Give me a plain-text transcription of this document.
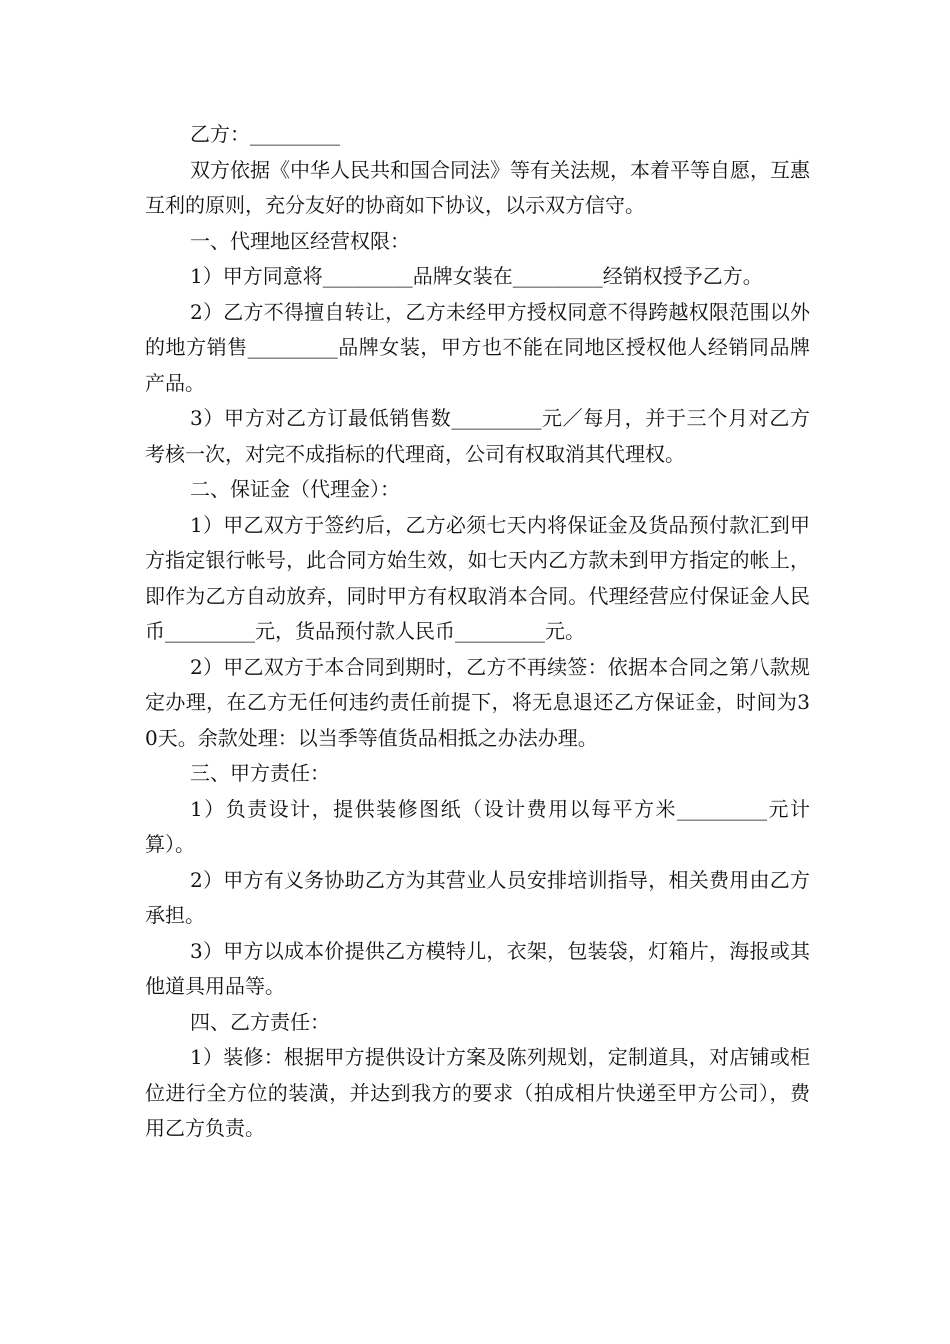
乙方：_________

双方依据《中华人民共和国合同法》等有关法规，本着平等自愿，互惠互利的原则，充分友好的协商如下协议，以示双方信守。

一、代理地区经营权限：

1）甲方同意将_________品牌女装在_________经销权授予乙方。

2）乙方不得擅自转让，乙方未经甲方授权同意不得跨越权限范围以外的地方销售_________品牌女装，甲方也不能在同地区授权他人经销同品牌产品。

3）甲方对乙方订最低销售数_________元／每月，并于三个月对乙方考核一次，对完不成指标的代理商，公司有权取消其代理权。

二、保证金（代理金）：

1）甲乙双方于签约后，乙方必须七天内将保证金及货品预付款汇到甲方指定银行帐号，此合同方始生效，如七天内乙方款未到甲方指定的帐上，即作为乙方自动放弃，同时甲方有权取消本合同。代理经营应付保证金人民币_________元，货品预付款人民币_________元。

2）甲乙双方于本合同到期时，乙方不再续签：依据本合同之第八款规定办理，在乙方无任何违约责任前提下，将无息退还乙方保证金，时间为30天。余款处理：以当季等值货品相抵之办法办理。

三、甲方责任：

1）负责设计，提供装修图纸（设计费用以每平方米_________元计算）。

2）甲方有义务协助乙方为其营业人员安排培训指导，相关费用由乙方承担。

3）甲方以成本价提供乙方模特儿，衣架，包装袋，灯箱片，海报或其他道具用品等。

四、乙方责任：

1）装修：根据甲方提供设计方案及陈列规划，定制道具，对店铺或柜位进行全方位的装潢，并达到我方的要求（拍成相片快递至甲方公司），费用乙方负责。
